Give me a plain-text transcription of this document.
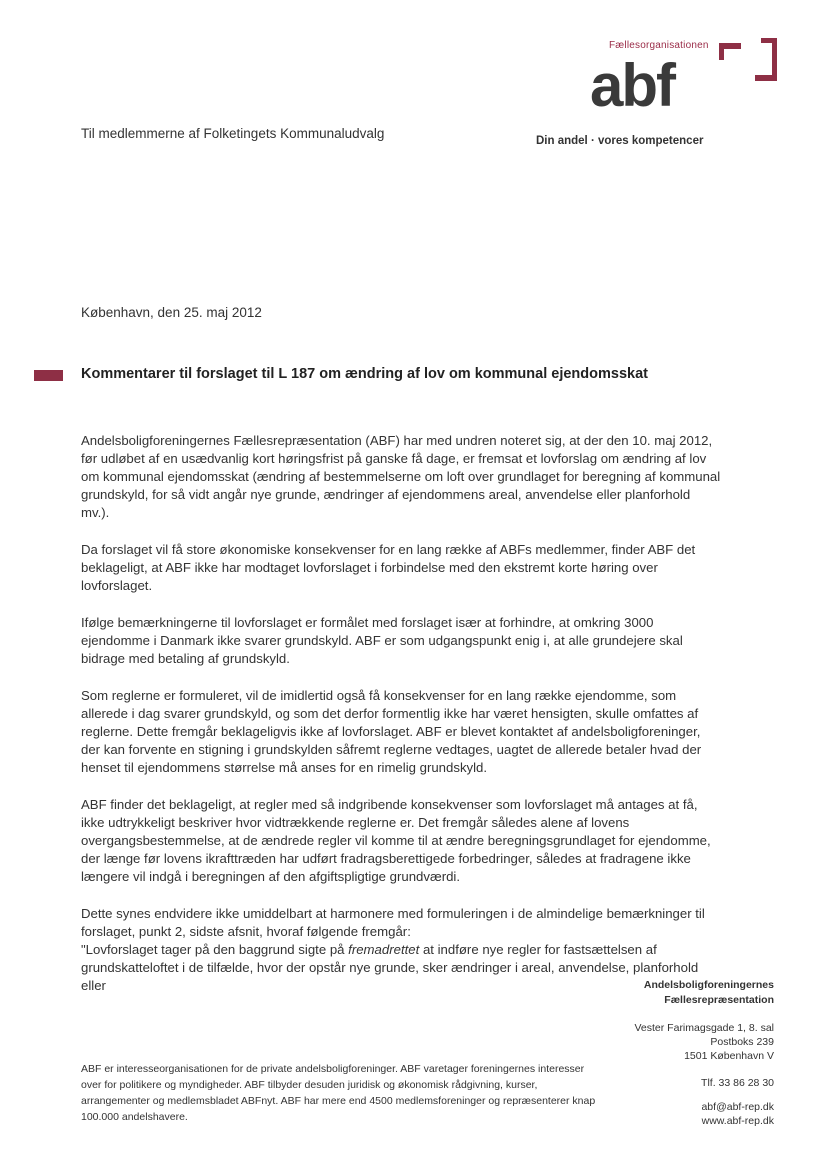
Fællesorganisationen
abf
Din andel · vores kompetencer
Til medlemmerne af Folketingets Kommunaludvalg
København, den 25. maj 2012
Kommentarer til forslaget til L 187 om ændring af lov om kommunal ejendomsskat

Andelsboligforeningernes Fællesrepræsentation (ABF) har med undren noteret sig, at der den 10. maj 2012, før udløbet af en usædvanlig kort høringsfrist på ganske få dage, er fremsat et lovforslag om ændring af lov om kommunal ejendomsskat (ændring af bestemmelserne om loft over grundlaget for beregning af kommunal grundskyld, for så vidt angår nye grunde, ændringer af ejendommens areal, anvendelse eller planforhold mv.).

Da forslaget vil få store økonomiske konsekvenser for en lang række af ABFs medlemmer, finder ABF det beklageligt, at ABF ikke har modtaget lovforslaget i forbindelse med den ekstremt korte høring over lovforslaget.

Ifølge bemærkningerne til lovforslaget er formålet med forslaget især at forhindre, at omkring 3000 ejendomme i Danmark ikke svarer grundskyld. ABF er som udgangspunkt enig i, at alle grundejere skal bidrage med betaling af grundskyld.

Som reglerne er formuleret, vil de imidlertid også få konsekvenser for en lang række ejendomme, som allerede i dag svarer grundskyld, og som det derfor formentlig ikke har været hensigten, skulle omfattes af reglerne. Dette fremgår beklageligvis ikke af lovforslaget. ABF er blevet kontaktet af andelsboligforeninger, der kan forvente en stigning i grundskylden såfremt reglerne vedtages, uagtet de allerede betaler hvad der henset til ejendommens størrelse må anses for en rimelig grundskyld.

ABF finder det beklageligt, at regler med så indgribende konsekvenser som lovforslaget må antages at få, ikke udtrykkeligt beskriver hvor vidtrækkende reglerne er. Det fremgår således alene af lovens overgangsbestemmelse, at de ændrede regler vil komme til at ændre beregningsgrundlaget for ejendomme, der længe før lovens ikrafttræden har udført fradragsberettigede forbedringer, således at fradragene ikke længere vil indgå i beregningen af den afgiftspligtige grundværdi.

Dette synes endvidere ikke umiddelbart at harmonere med formuleringen i de almindelige bemærkninger til forslaget, punkt 2, sidste afsnit, hvoraf følgende fremgår:

"Lovforslaget tager på den baggrund sigte på fremadrettet at indføre nye regler for fastsættelsen af grundskatteloftet i de tilfælde, hvor der opstår nye grunde, sker ændringer i areal, anvendelse, planforhold eller	Andelsboligforeningernes
Fællesrepræsentation
Vester Farimagsgade 1, 8. sal
Postboks 239
1501 København V
Tlf. 33 86 28 30
abf@abf-rep.dk
www.abf-rep.dk
ABF er interesseorganisationen for de private andelsboligforeninger. ABF varetager foreningernes interesser over for politikere og myndigheder. ABF tilbyder desuden juridisk og økonomisk rådgivning, kurser, arrangementer og medlemsbladet ABFnyt. ABF har mere end 4500 medlemsforeninger og repræsenterer knap 100.000 andelshavere.
